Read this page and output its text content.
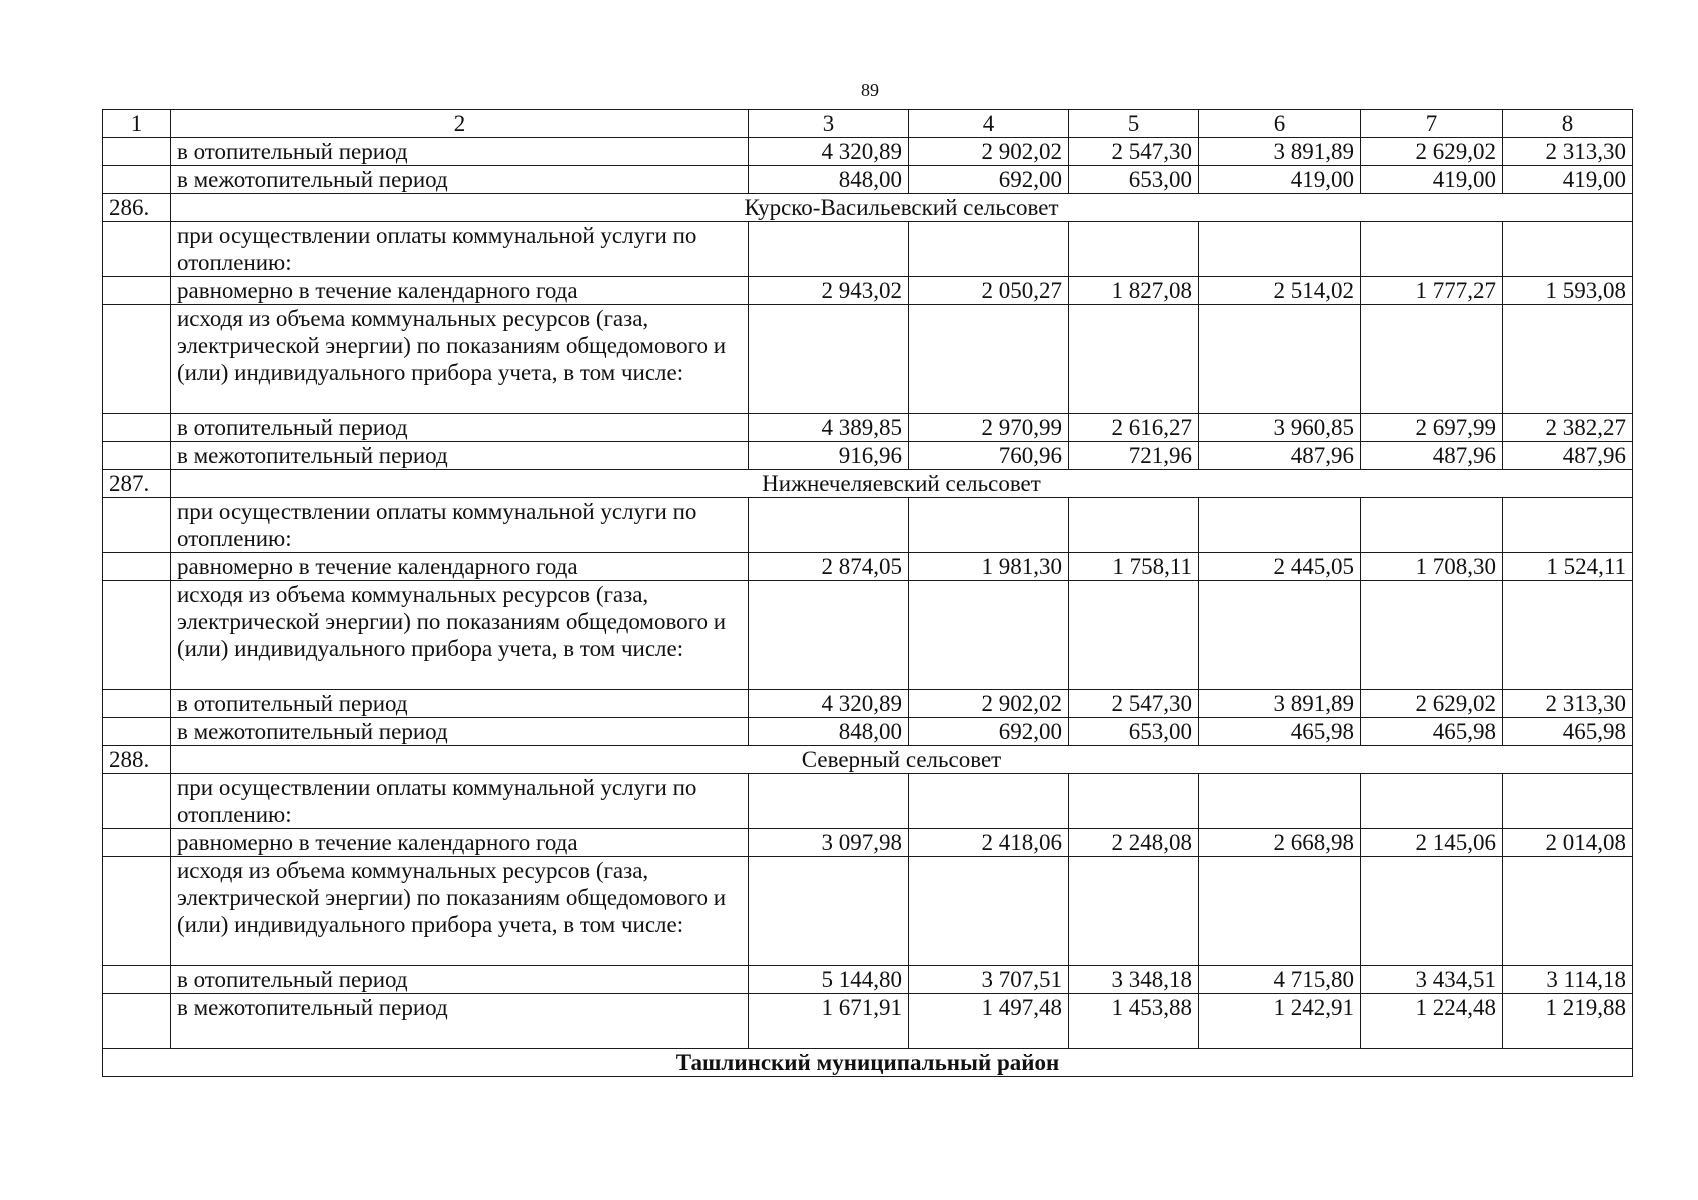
89
1	2	3	4	5	6	7	8
	в отопительный период	4 320,89	2 902,02	2 547,30	3 891,89	2 629,02	2 313,30
	в межотопительный период	848,00	692,00	653,00	419,00	419,00	419,00
286.	Курско-Васильевский сельсовет						
	при осуществлении оплаты коммунальной услуги по отоплению:						
	равномерно в течение календарного года	2 943,02	2 050,27	1 827,08	2 514,02	1 777,27	1 593,08
	исходя из объема коммунальных ресурсов (газа, электрической энергии) по показаниям общедомового и (или) индивидуального прибора учета, в том числе:						
	в отопительный период	4 389,85	2 970,99	2 616,27	3 960,85	2 697,99	2 382,27
	в межотопительный период	916,96	760,96	721,96	487,96	487,96	487,96
287.	Нижнечеляевский сельсовет						
	при осуществлении оплаты коммунальной услуги по отоплению:						
	равномерно в течение календарного года	2 874,05	1 981,30	1 758,11	2 445,05	1 708,30	1 524,11
	исходя из объема коммунальных ресурсов (газа, электрической энергии) по показаниям общедомового и (или) индивидуального прибора учета, в том числе:						
	в отопительный период	4 320,89	2 902,02	2 547,30	3 891,89	2 629,02	2 313,30
	в межотопительный период	848,00	692,00	653,00	465,98	465,98	465,98
288.	Северный сельсовет						
	при осуществлении оплаты коммунальной услуги по отоплению:						
	равномерно в течение календарного года	3 097,98	2 418,06	2 248,08	2 668,98	2 145,06	2 014,08
	исходя из объема коммунальных ресурсов (газа, электрической энергии) по показаниям общедомового и (или) индивидуального прибора учета, в том числе:						
	в отопительный период	5 144,80	3 707,51	3 348,18	4 715,80	3 434,51	3 114,18
	в межотопительный период	1 671,91	1 497,48	1 453,88	1 242,91	1 224,48	1 219,88
Ташлинский муниципальный район							
